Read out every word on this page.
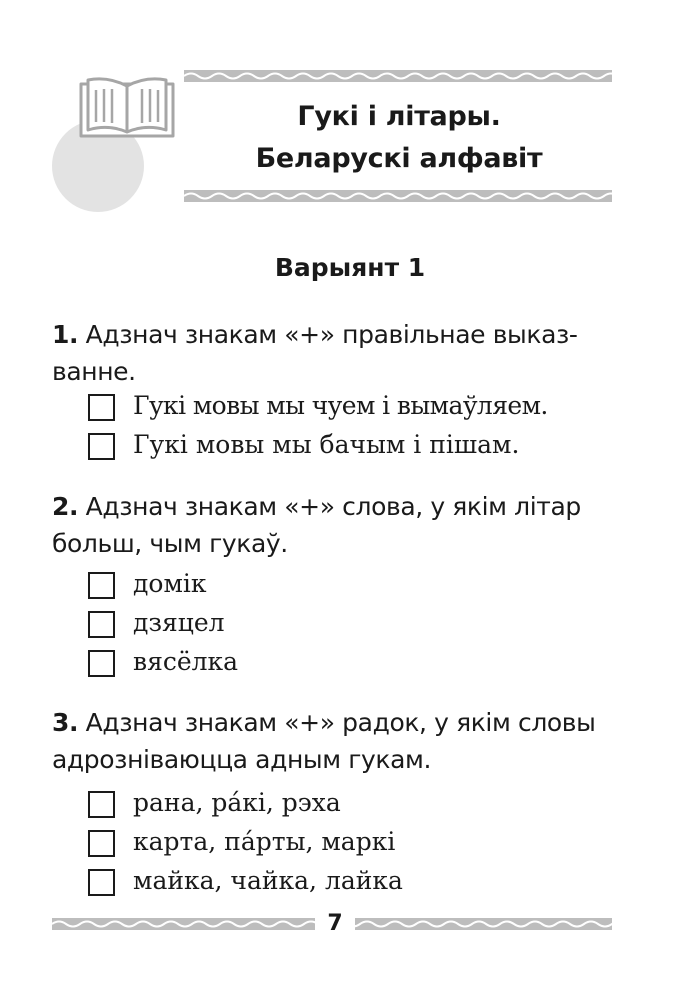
Гукі і літары.
Беларускі алфавіт
Варыянт 1
1. Адзнач знакам «+» правільнае выказ-
ванне.
Гукі мовы мы чуем і вымаўляем.
Гукі мовы мы бачым і пішам.
2. Адзнач знакам «+» слова, у якім літар
больш, чым гукаў.
домік
дзяцел
вясёлка
3. Адзнач знакам «+» радок, у якім словы
адрозніваюцца адным гукам.
рана, ра́кі, рэха
карта, па́рты, маркі
майка, чайка, лайка
7
